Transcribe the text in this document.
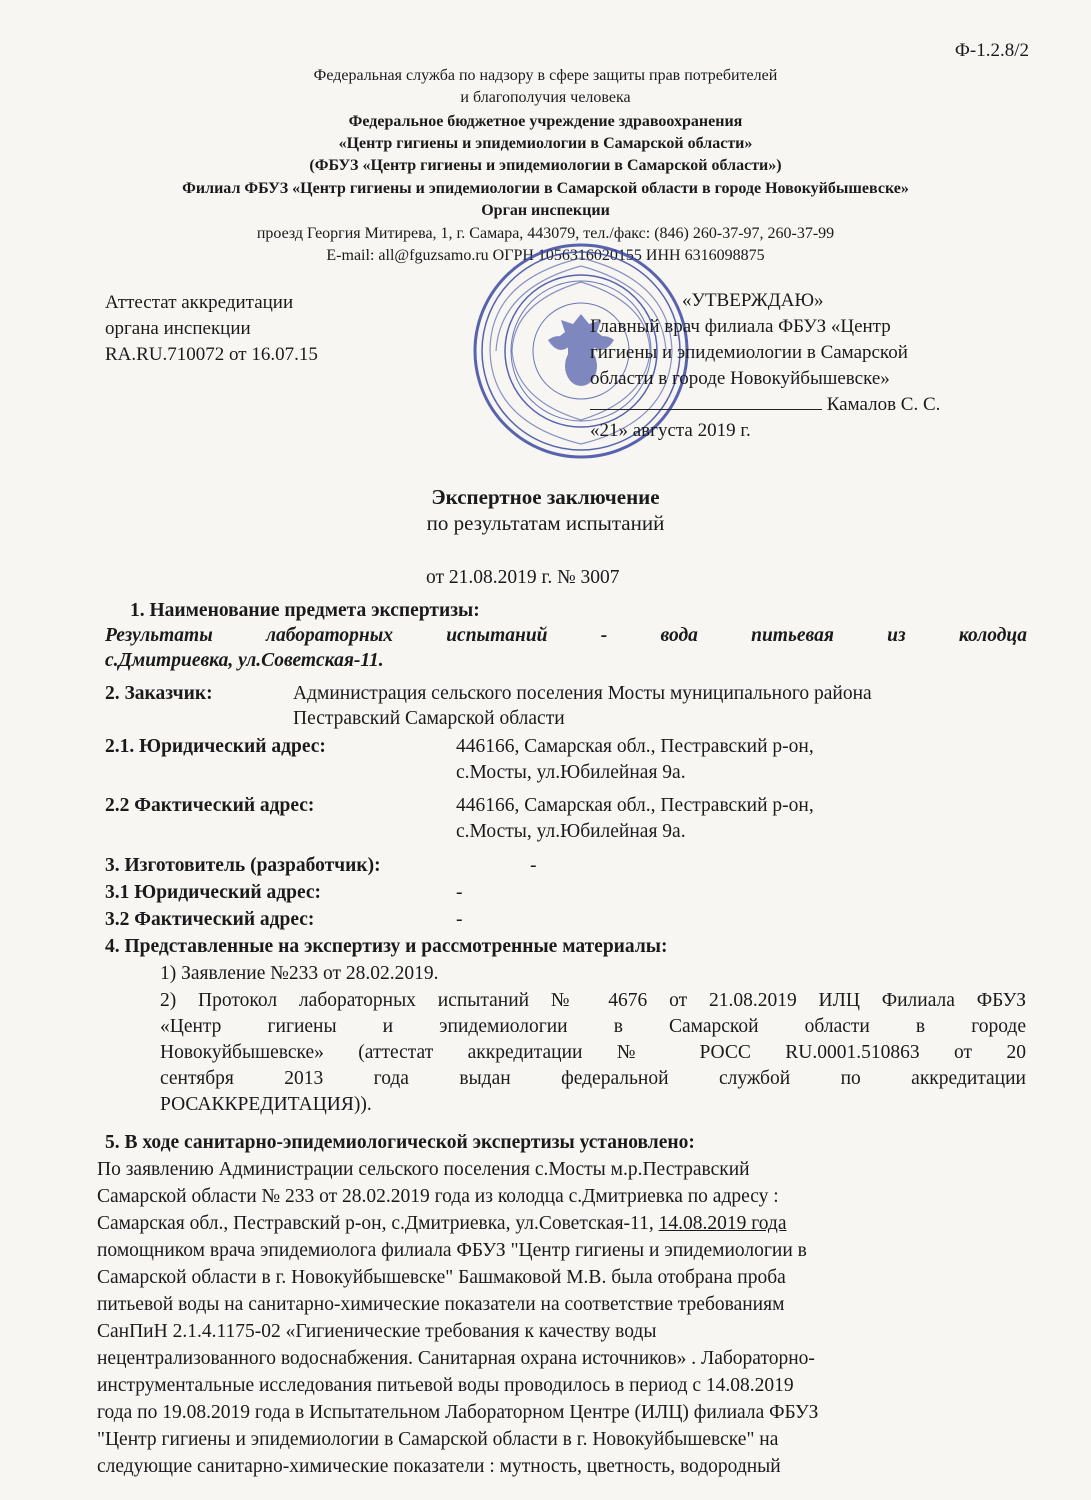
Ф-1.2.8/2
Федеральная служба по надзору в сфере защиты прав потребителей
и благополучия человека
Федеральное бюджетное учреждение здравоохранения
«Центр гигиены и эпидемиологии в Самарской области»
(ФБУЗ «Центр гигиены и эпидемиологии в Самарской области»)
Филиал ФБУЗ «Центр гигиены и эпидемиологии в Самарской области в городе Новокуйбышевске»
Орган инспекции
проезд Георгия Митирева, 1, г. Самара, 443079, тел./факс: (846) 260-37-97, 260-37-99
E-mail: all@fguzsamo.ru ОГРН 1056316020155 ИНН 6316098875
Аттестат аккредитации
органа инспекции
RA.RU.710072 от 16.07.15
«УТВЕРЖДАЮ»
Главный врач филиала ФБУЗ «Центр
гигиены и эпидемиологии в Самарской
области в городе Новокуйбышевске»
Камалов С. С.
«21» августа 2019 г.
Экспертное заключение
по результатам испытаний
от 21.08.2019 г. № 3007
1. Наименование предмета экспертизы:
Результаты лабораторных испытаний - вода питьевая из колодца
с.Дмитриевка, ул.Советская-11.
2. Заказчик:	Администрация сельского поселения Мосты муниципального района
Пестравский Самарской области
2.1. Юридический адрес:	446166, Самарская обл., Пестравский р-он,
с.Мосты, ул.Юбилейная 9а.
2.2 Фактический адрес:	446166, Самарская обл., Пестравский р-он,
с.Мосты, ул.Юбилейная 9а.
3. Изготовитель (разработчик):	-
3.1 Юридический адрес:	-
3.2 Фактический адрес:	-
4. Представленные на экспертизу и рассмотренные материалы:
1) Заявление №233 от 28.02.2019.
2) Протокол лабораторных испытаний № 4676 от 21.08.2019 ИЛЦ Филиала ФБУЗ
«Центр гигиены и эпидемиологии в Самарской области в городе
Новокуйбышевске» (аттестат аккредитации № РОСС RU.0001.510863 от 20
сентября 2013 года выдан федеральной службой по аккредитации
РОСАККРЕДИТАЦИЯ)).
5. В ходе санитарно-эпидемиологической экспертизы установлено:
По заявлению Администрации сельского поселения с.Мосты м.р.Пестравский
Самарской области № 233 от 28.02.2019 года из колодца с.Дмитриевка по адресу :
Самарская обл., Пестравский р-он, с.Дмитриевка, ул.Советская-11, 14.08.2019 года
помощником врача эпидемиолога филиала ФБУЗ "Центр гигиены и эпидемиологии в
Самарской области в г. Новокуйбышевске" Башмаковой М.В. была отобрана проба
питьевой воды на санитарно-химические показатели на соответствие требованиям
СанПиН 2.1.4.1175-02 «Гигиенические требования к качеству воды
нецентрализованного водоснабжения. Санитарная охрана источников» . Лабораторно-
инструментальные исследования питьевой воды проводилось в период с 14.08.2019
года по 19.08.2019 года в Испытательном Лабораторном Центре (ИЛЦ) филиала ФБУЗ
"Центр гигиены и эпидемиологии в Самарской области в г. Новокуйбышевске" на
следующие санитарно-химические показатели : мутность, цветность, водородный
